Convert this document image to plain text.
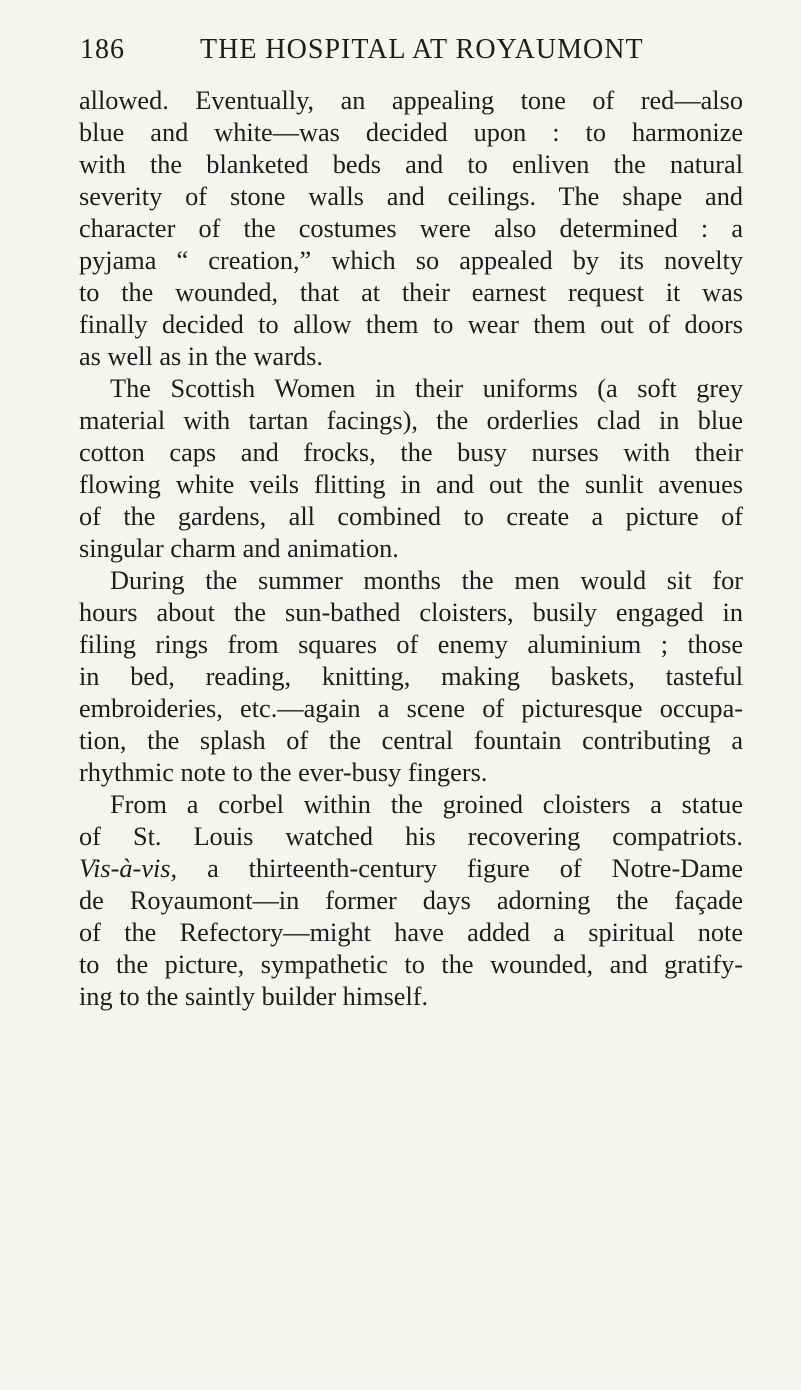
186	THE HOSPITAL AT ROYAUMONT
allowed. Eventually, an appealing tone of red—also
blue and white—was decided upon : to harmonize
with the blanketed beds and to enliven the natural
severity of stone walls and ceilings. The shape and
character of the costumes were also determined : a
pyjama “ creation,” which so appealed by its novelty
to the wounded, that at their earnest request it was
finally decided to allow them to wear them out of doors
as well as in the wards.
The Scottish Women in their uniforms (a soft grey
material with tartan facings), the orderlies clad in blue
cotton caps and frocks, the busy nurses with their
flowing white veils flitting in and out the sunlit avenues
of the gardens, all combined to create a picture of
singular charm and animation.
During the summer months the men would sit for
hours about the sun-bathed cloisters, busily engaged in
filing rings from squares of enemy aluminium ; those
in bed, reading, knitting, making baskets, tasteful
embroideries, etc.—again a scene of picturesque occupa-
tion, the splash of the central fountain contributing a
rhythmic note to the ever-busy fingers.
From a corbel within the groined cloisters a statue
of St. Louis watched his recovering compatriots.
Vis-à-vis, a thirteenth-century figure of Notre-Dame
de Royaumont—in former days adorning the façade
of the Refectory—might have added a spiritual note
to the picture, sympathetic to the wounded, and gratify-
ing to the saintly builder himself.
